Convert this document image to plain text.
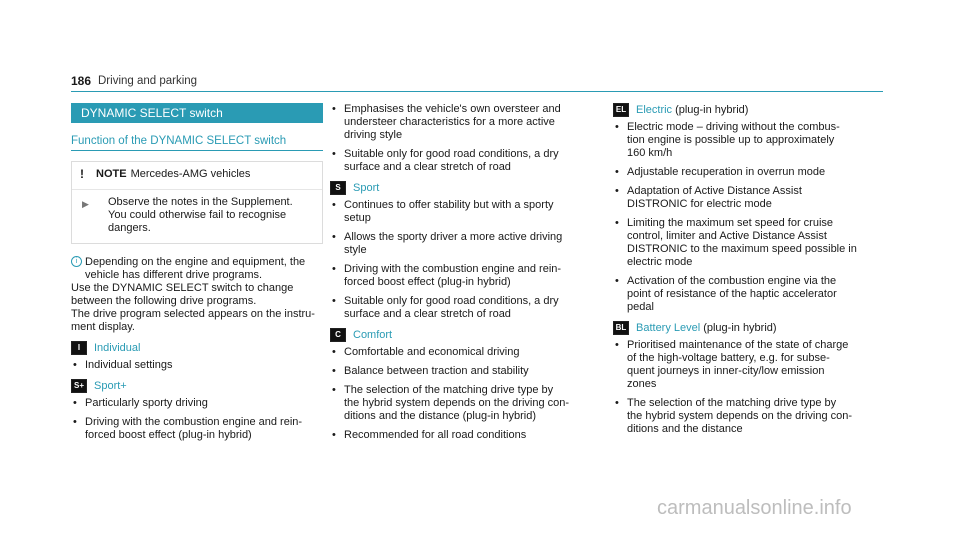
186 Driving and parking
DYNAMIC SELECT switch
Function of the DYNAMIC SELECT switch
!	NOTE Mercedes-AMG vehicles
▶ Observe the notes in the Supplement.

You could otherwise fail to recognise

dangers.

i Depending on the engine and equipment, the

vehicle has different drive programs.

Use the DYNAMIC SELECT switch to change

between the following drive programs.

The drive program selected appears on the instru-

ment display.

I	Individual
• Individual settings
S+ Sport+

• Particularly sporty driving

• Driving with the combustion engine and rein-

forced boost effect (plug-in hybrid)

• Emphasises the vehicle's own oversteer and

understeer characteristics for a more active

driving style

• Suitable only for good road conditions, a dry

surface and a clear stretch of road

S	Sport

• Continues to offer stability but with a sporty

setup

• Allows the sporty driver a more active driving

style

• Driving with the combustion engine and rein-

forced boost effect (plug-in hybrid)

• Suitable only for good road conditions, a dry

surface and a clear stretch of road

C	Comfort

• Comfortable and economical driving

• Balance between traction and stability

• The selection of the matching drive type by

the hybrid system depends on the driving con-

ditions and the distance (plug-in hybrid)

• Recommended for all road conditions

EL Electric (plug-in hybrid)

• Electric mode – driving without the combus-

tion engine is possible up to approximately

160 km/h

• Adjustable recuperation in overrun mode

• Adaptation of Active Distance Assist

DISTRONIC for electric mode

• Limiting the maximum set speed for cruise

control, limiter and Active Distance Assist

DISTRONIC to the maximum speed possible in

electric mode

• Activation of the combustion engine via the

point of resistance of the haptic accelerator

pedal

BL Battery Level (plug-in hybrid)

• Prioritised maintenance of the state of charge

of the high-voltage battery, e.g. for subse-

quent journeys in inner-city/low emission

zones

• The selection of the matching drive type by

the hybrid system depends on the driving con-

ditions and the distance

carmanualsonline.info
